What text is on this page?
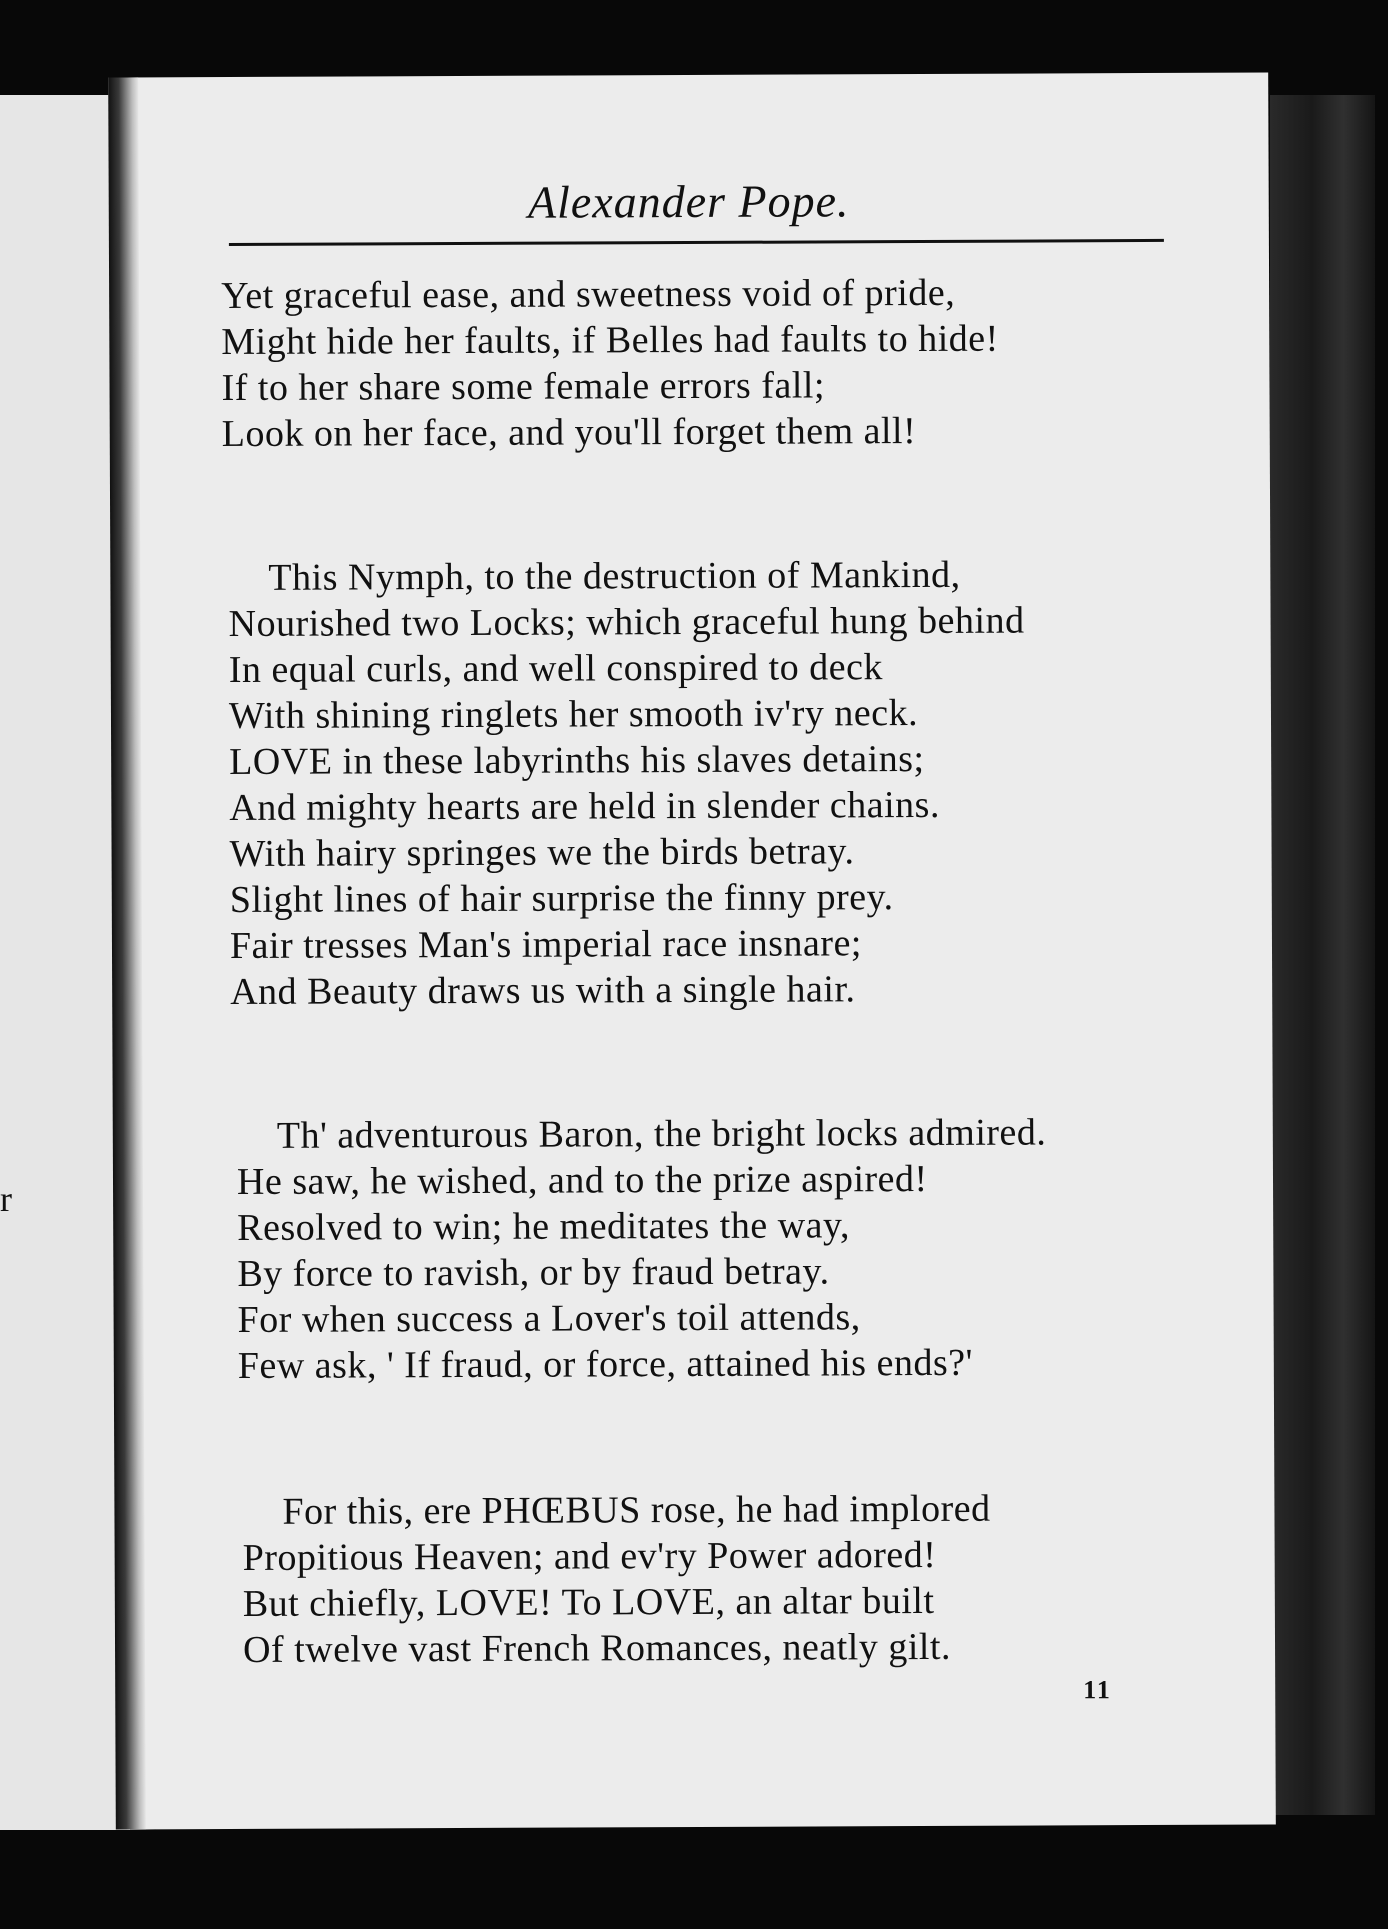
r
Alexander Pope.
Yet graceful ease, and sweetness void of pride,
Might hide her faults, if Belles had faults to hide!
If to her share some female errors fall;
Look on her face, and you'll forget them all!
This Nymph, to the destruction of Mankind,
Nourished two Locks; which graceful hung behind
In equal curls, and well conspired to deck
With shining ringlets her smooth iv'ry neck.
LOVE in these labyrinths his slaves detains;
And mighty hearts are held in slender chains.
With hairy springes we the birds betray.
Slight lines of hair surprise the finny prey.
Fair tresses Man's imperial race insnare;
And Beauty draws us with a single hair.
Th' adventurous Baron, the bright locks admired.
He saw, he wished, and to the prize aspired!
Resolved to win; he meditates the way,
By force to ravish, or by fraud betray.
For when success a Lover's toil attends,
Few ask, ' If fraud, or force, attained his ends?'
For this, ere PHŒBUS rose, he had implored
Propitious Heaven; and ev'ry Power adored!
But chiefly, LOVE! To LOVE, an altar built
Of twelve vast French Romances, neatly gilt.
11
